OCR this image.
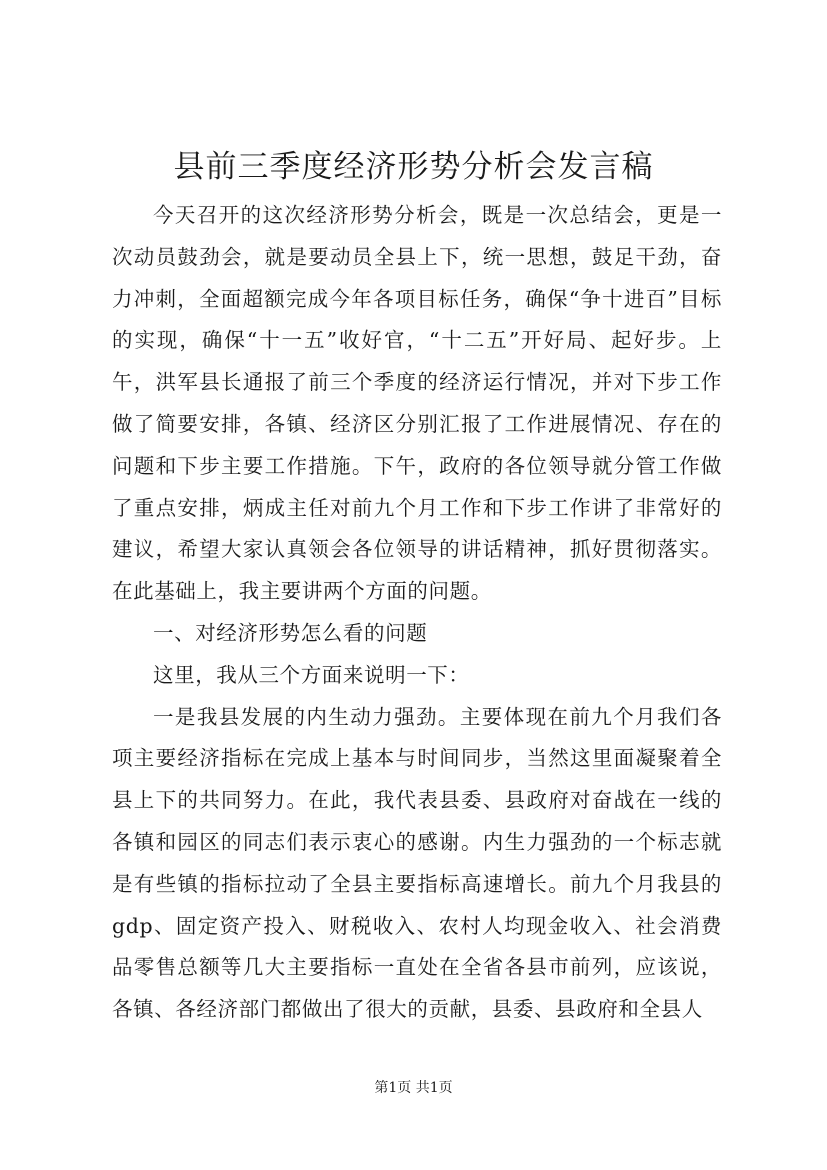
县前三季度经济形势分析会发言稿

今天召开的这次经济形势分析会，既是一次总结会，更是一次动员鼓劲会，就是要动员全县上下，统一思想，鼓足干劲，奋力冲刺，全面超额完成今年各项目标任务，确保“争十进百”目标的实现，确保“十一五”收好官，“十二五”开好局、起好步。上午，洪军县长通报了前三个季度的经济运行情况，并对下步工作做了简要安排，各镇、经济区分别汇报了工作进展情况、存在的问题和下步主要工作措施。下午，政府的各位领导就分管工作做了重点安排，炳成主任对前九个月工作和下步工作讲了非常好的建议，希望大家认真领会各位领导的讲话精神，抓好贯彻落实。在此基础上，我主要讲两个方面的问题。

一、对经济形势怎么看的问题

这里，我从三个方面来说明一下：

一是我县发展的内生动力强劲。主要体现在前九个月我们各项主要经济指标在完成上基本与时间同步，当然这里面凝聚着全县上下的共同努力。在此，我代表县委、县政府对奋战在一线的各镇和园区的同志们表示衷心的感谢。内生力强劲的一个标志就是有些镇的指标拉动了全县主要指标高速增长。前九个月我县的gdp、固定资产投入、财税收入、农村人均现金收入、社会消费品零售总额等几大主要指标一直处在全省各县市前列，应该说，各镇、各经济部门都做出了很大的贡献，县委、县政府和全县人

第1页 共1页
